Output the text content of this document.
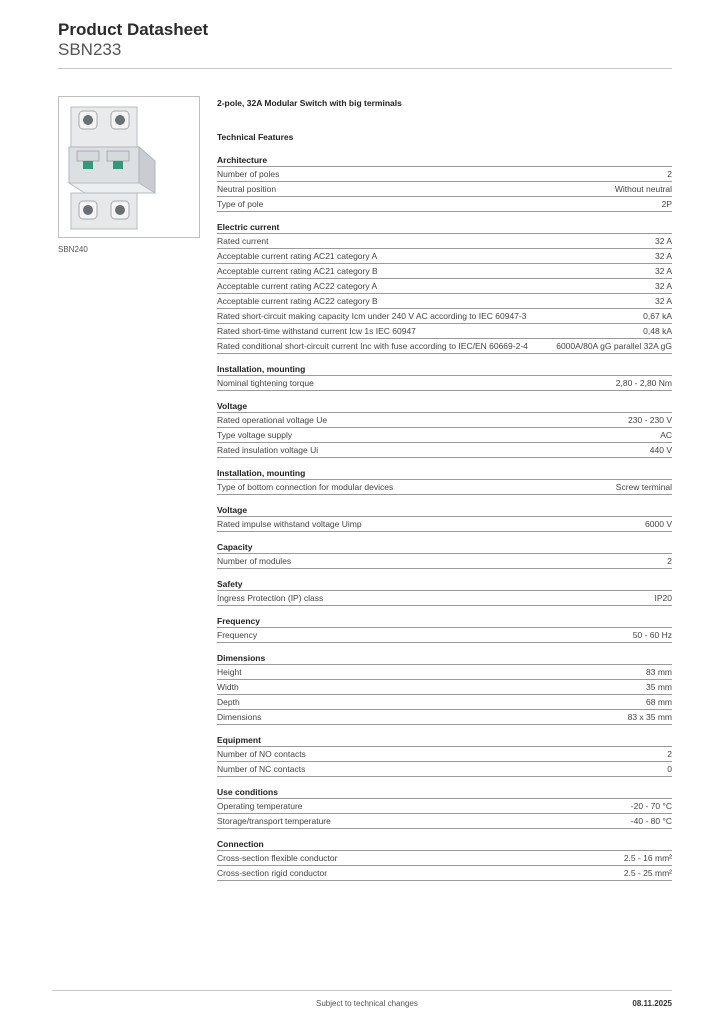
Product Datasheet
SBN233
SBN240
2-pole, 32A Modular Switch with big terminals
Technical Features
Architecture
Number of poles	2
Neutral position	Without neutral
Type of pole	2P
Electric current
Rated current	32 A
Acceptable current rating AC21 category A	32 A
Acceptable current rating AC21 category B	32 A
Acceptable current rating AC22 category A	32 A
Acceptable current rating AC22 category B	32 A
Rated short-circuit making capacity Icm under 240 V AC according to IEC 60947-3	0,67 kA
Rated short-time withstand current Icw 1s IEC 60947	0,48 kA
Rated conditional short-circuit current Inc with fuse according to IEC/EN 60669-2-4	6000A/80A gG parallel 32A gG
Installation, mounting
Nominal tightening torque	2,80 - 2,80 Nm
Voltage
Rated operational voltage Ue	230 - 230 V
Type voltage supply	AC
Rated insulation voltage Ui	440 V
Installation, mounting
Type of bottom connection for modular devices	Screw terminal
Voltage
Rated impulse withstand voltage Uimp	6000 V
Capacity
Number of modules	2
Safety
Ingress Protection (IP) class	IP20
Frequency
Frequency	50 - 60 Hz
Dimensions
Height	83 mm
Width	35 mm
Depth	68 mm
Dimensions	83 x 35 mm
Equipment
Number of NO contacts	2
Number of NC contacts	0
Use conditions
Operating temperature	-20 - 70 °C
Storage/transport temperature	-40 - 80 °C
Connection
Cross-section flexible conductor	2.5 - 16 mm²
Cross-section rigid conductor	2.5 - 25 mm²
Subject to technical changes	08.11.2025
